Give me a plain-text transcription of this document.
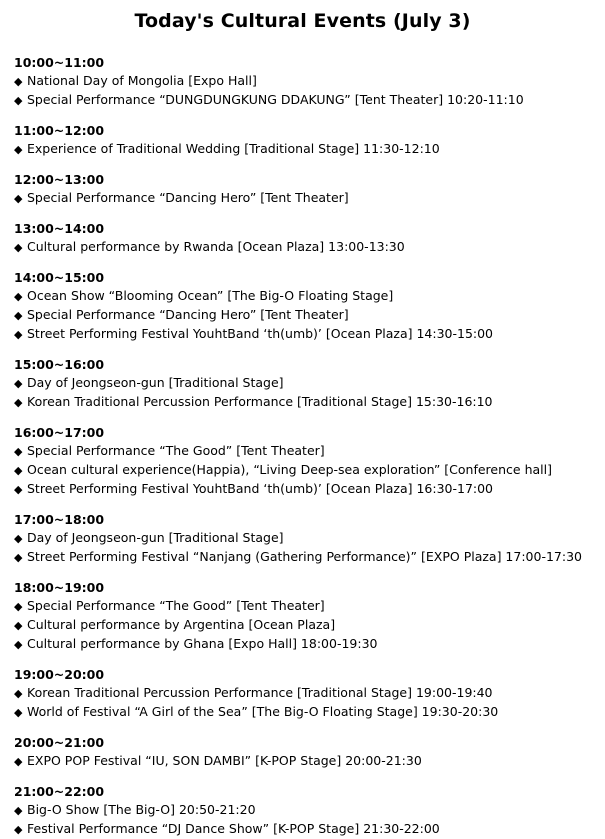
Today's Cultural Events (July 3)
10:00~11:00
◆ National Day of Mongolia [Expo Hall]
◆ Special Performance “DUNGDUNGKUNG DDAKUNG” [Tent Theater] 10:20-11:10
11:00~12:00
◆ Experience of Traditional Wedding [Traditional Stage] 11:30-12:10
12:00~13:00
◆ Special Performance “Dancing Hero” [Tent Theater]
13:00~14:00
◆ Cultural performance by Rwanda [Ocean Plaza] 13:00-13:30
14:00~15:00
◆ Ocean Show “Blooming Ocean” [The Big-O Floating Stage]
◆ Special Performance “Dancing Hero” [Tent Theater]
◆ Street Performing Festival YouhtBand ‘th(umb)’ [Ocean Plaza] 14:30-15:00
15:00~16:00
◆ Day of Jeongseon-gun [Traditional Stage]
◆ Korean Traditional Percussion Performance [Traditional Stage] 15:30-16:10
16:00~17:00
◆ Special Performance “The Good” [Tent Theater]
◆ Ocean cultural experience(Happia), “Living Deep-sea exploration” [Conference hall]
◆ Street Performing Festival YouhtBand ‘th(umb)’ [Ocean Plaza] 16:30-17:00
17:00~18:00
◆ Day of Jeongseon-gun [Traditional Stage]
◆ Street Performing Festival “Nanjang (Gathering Performance)” [EXPO Plaza] 17:00-17:30
18:00~19:00
◆ Special Performance “The Good” [Tent Theater]
◆ Cultural performance by Argentina [Ocean Plaza]
◆ Cultural performance by Ghana [Expo Hall] 18:00-19:30
19:00~20:00
◆ Korean Traditional Percussion Performance [Traditional Stage] 19:00-19:40
◆ World of Festival “A Girl of the Sea” [The Big-O Floating Stage] 19:30-20:30
20:00~21:00
◆ EXPO POP Festival “IU, SON DAMBI” [K-POP Stage] 20:00-21:30
21:00~22:00
◆ Big-O Show [The Big-O] 20:50-21:20
◆ Festival Performance “DJ Dance Show” [K-POP Stage] 21:30-22:00
